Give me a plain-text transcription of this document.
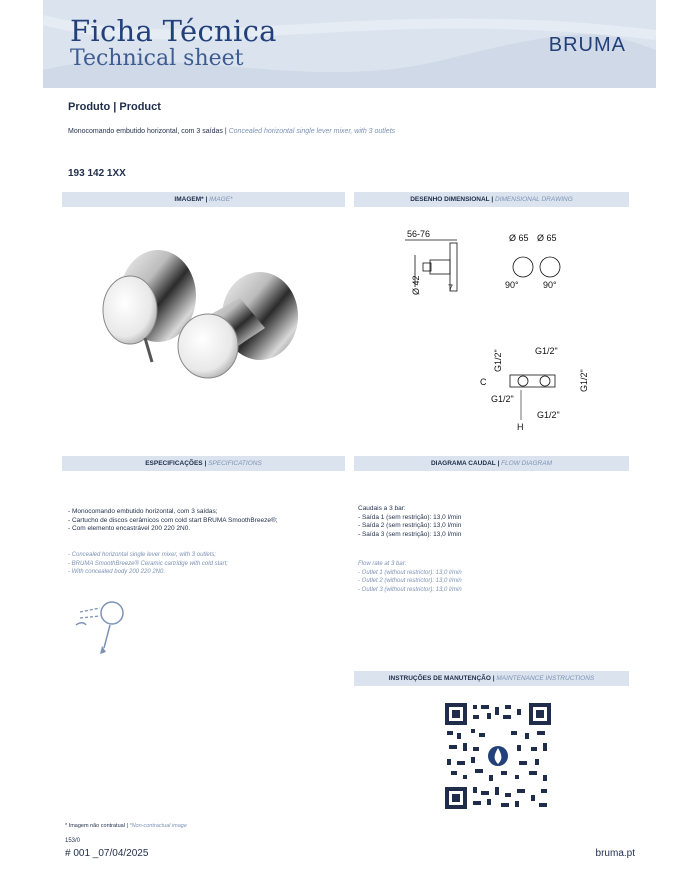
Ficha Técnica
Technical sheet
BRUMA
Produto | Product
Monocomando embutido horizontal, com 3 saídas | Concealed horizontal single lever mixer, with 3 outlets
193 142 1XX
IMAGEM* | IMAGE*	DESENHO DIMENSIONAL | DIMENSIONAL DRAWING
ESPECIFICAÇÕES | SPECIFICATIONS	DIAGRAMA CAUDAL | FLOW DIAGRAM
INSTRUÇÕES DE MANUTENÇÃO | MAINTENANCE INSTRUCTIONS
56-76
Ø 42	7
Ø 65 Ø 65
90°	90°
G1/2"	G1/2"
G1/2"
G1/2"
G1/2"
C
H
- Monocomando embutido horizontal, com 3 saídas;
- Cartucho de discos cerâmicos com cold start BRUMA SmoothBreeze®;
- Com elemento encastrável 200 220 2N0.
- Concealed horizontal single lever mixer, with 3 outlets;
- BRUMA SmoothBreeze® Ceramic cartridge with cold start;
- With concealed body 200 220 2N0.
Caudais a 3 bar:
- Saída 1 (sem restrição): 13,0 l/min
- Saída 2 (sem restrição): 13,0 l/min
- Saída 3 (sem restrição): 13,0 l/min
Flow rate at 3 bar:
- Outlet 1 (without restrictor): 13,0 l/min
- Outlet 2 (without restrictor): 13,0 l/min
- Outlet 3 (without restrictor): 13,0 l/min
* Imagem não contratual | *Non-contractual image
153/0
# 001 _07/04/2025	bruma.pt
